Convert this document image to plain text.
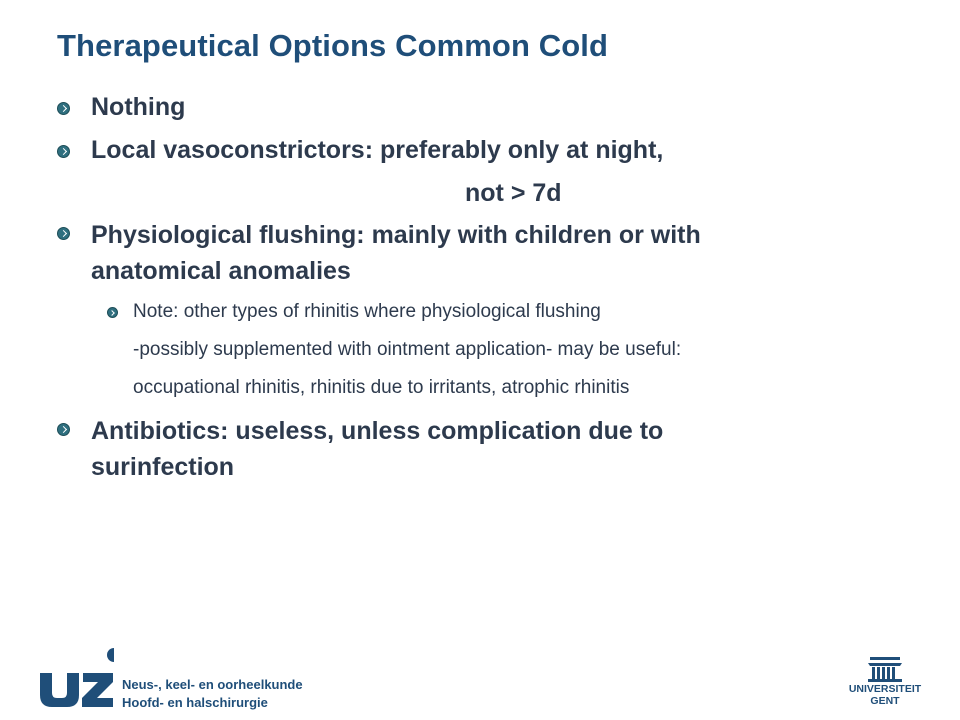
Therapeutical Options Common Cold
Nothing
Local vasoconstrictors: preferably only at night,
not > 7d
Physiological flushing: mainly with children or with
anatomical anomalies
Note: other types of rhinitis where physiological flushing
-possibly supplemented with ointment application- may be useful:
occupational rhinitis, rhinitis due to irritants, atrophic rhinitis
Antibiotics: useless, unless complication due to
surinfection
Neus-, keel- en oorheelkunde
Hoofd- en halschirurgie
UNIVERSITEIT
GENT
